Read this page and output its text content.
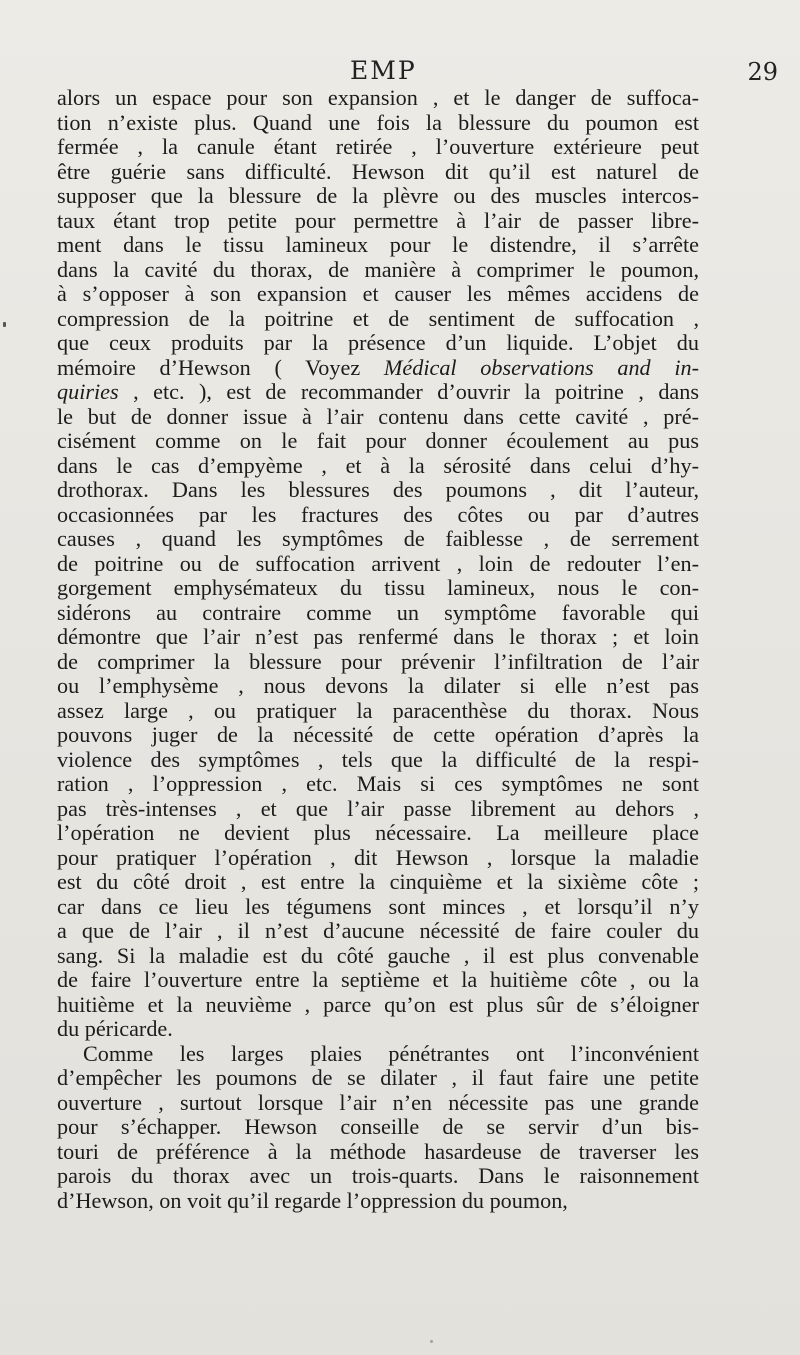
EMP	29
alors un espace pour son expansion , et le danger de suffoca-
tion n’existe plus. Quand une fois la blessure du poumon est
fermée , la canule étant retirée , l’ouverture extérieure peut
être guérie sans difficulté. Hewson dit qu’il est naturel de
supposer que la blessure de la plèvre ou des muscles intercos-
taux étant trop petite pour permettre à l’air de passer libre-
ment dans le tissu lamineux pour le distendre, il s’arrête
dans la cavité du thorax, de manière à comprimer le poumon,
à s’opposer à son expansion et causer les mêmes accidens de
compression de la poitrine et de sentiment de suffocation ,
que ceux produits par la présence d’un liquide. L’objet du
mémoire d’Hewson ( Voyez Médical observations and in-
quiries , etc. ), est de recommander d’ouvrir la poitrine , dans
le but de donner issue à l’air contenu dans cette cavité , pré-
cisément comme on le fait pour donner écoulement au pus
dans le cas d’empyème , et à la sérosité dans celui d’hy-
drothorax. Dans les blessures des poumons , dit l’auteur,
occasionnées par les fractures des côtes ou par d’autres
causes , quand les symptômes de faiblesse , de serrement
de poitrine ou de suffocation arrivent , loin de redouter l’en-
gorgement emphysémateux du tissu lamineux, nous le con-
sidérons au contraire comme un symptôme favorable qui
démontre que l’air n’est pas renfermé dans le thorax ; et loin
de comprimer la blessure pour prévenir l’infiltration de l’air
ou l’emphysème , nous devons la dilater si elle n’est pas
assez large , ou pratiquer la paracenthèse du thorax. Nous
pouvons juger de la nécessité de cette opération d’après la
violence des symptômes , tels que la difficulté de la respi-
ration , l’oppression , etc. Mais si ces symptômes ne sont
pas très-intenses , et que l’air passe librement au dehors ,
l’opération ne devient plus nécessaire. La meilleure place
pour pratiquer l’opération , dit Hewson , lorsque la maladie
est du côté droit , est entre la cinquième et la sixième côte ;
car dans ce lieu les tégumens sont minces , et lorsqu’il n’y
a que de l’air , il n’est d’aucune nécessité de faire couler du
sang. Si la maladie est du côté gauche , il est plus convenable
de faire l’ouverture entre la septième et la huitième côte , ou la
huitième et la neuvième , parce qu’on est plus sûr de s’éloigner
du péricarde.
Comme les larges plaies pénétrantes ont l’inconvénient
d’empêcher les poumons de se dilater , il faut faire une petite
ouverture , surtout lorsque l’air n’en nécessite pas une grande
pour s’échapper. Hewson conseille de se servir d’un bis-
touri de préférence à la méthode hasardeuse de traverser les
parois du thorax avec un trois-quarts. Dans le raisonnement
d’Hewson, on voit qu’il regarde l’oppression du poumon,
